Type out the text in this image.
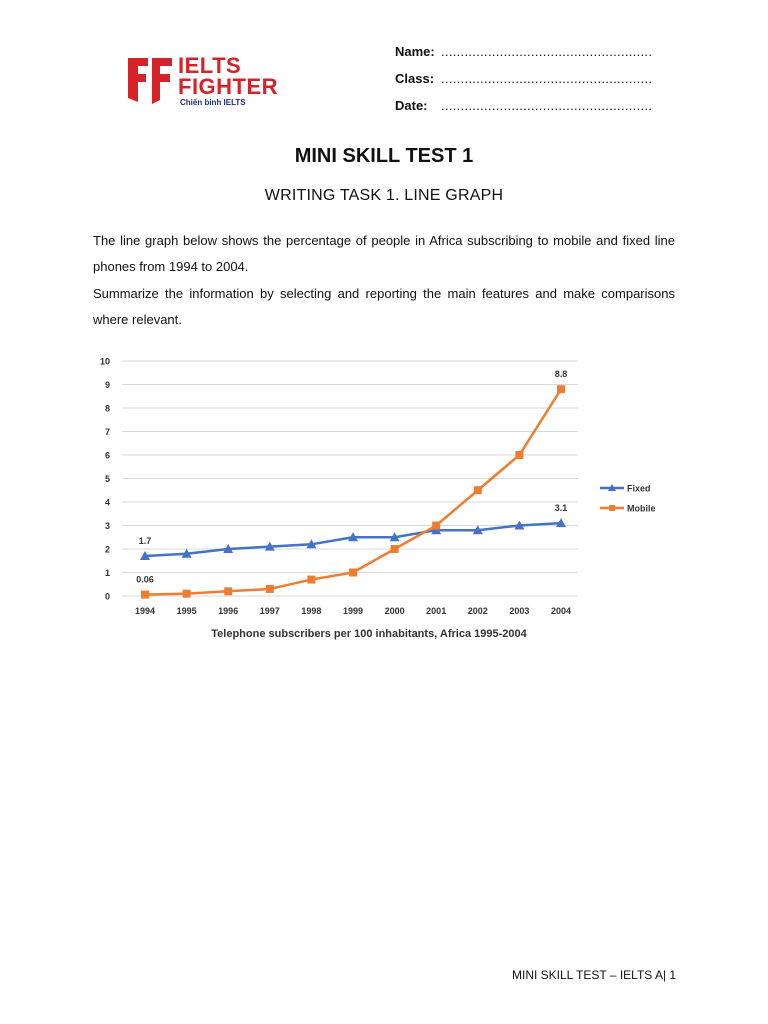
IELTS
FIGHTER
Chiến binh IELTS
Name: ......................................................
Class: ......................................................
Date: ......................................................
MINI SKILL TEST 1
WRITING TASK 1. LINE GRAPH

The line graph below shows the percentage of people in Africa subscribing to mobile and fixed line phones from 1994 to 2004.

Summarize the information by selecting and reporting the main features and make comparisons where relevant.

0
1
2
3
4
5
6
7
8
9
10
1994 1995 1996 1997 1998 1999 2000 2001 2002 2003 2004
1.7
0.06
8.8
3.1
Fixed
Mobile
Telephone subscribers per 100 inhabitants, Africa 1995-2004
MINI SKILL TEST – IELTS A| 1
